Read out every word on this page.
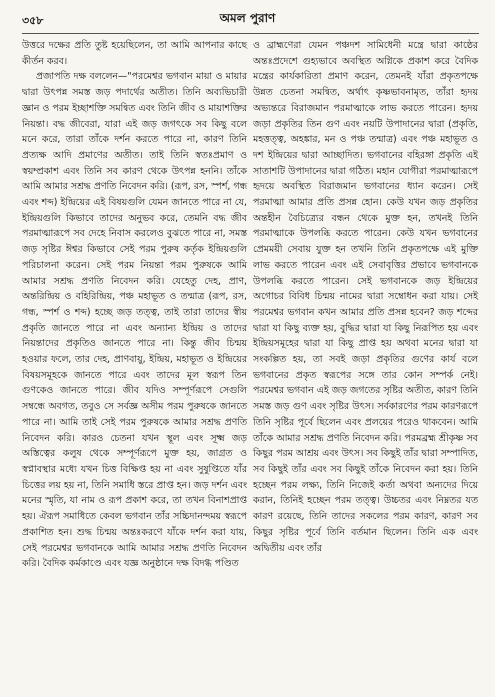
৩৫৮	অমল পুরাণ

উত্তরে দক্ষের প্রতি তুষ্ট হয়েছিলেন, তা আমি আপনার কাছে কীর্তন করব।

প্রজাপতি দক্ষ বললেন—"পরমেশ্বর ভগবান মায়া ও মায়ার দ্বারা উৎপন্ন সমস্ত জড় পদার্থের অতীত। তিনি অব্যভিচারী জ্ঞান ও পরম ইচ্ছাশক্তি সমন্বিত এবং তিনি জীব ও মায়াশক্তির নিয়ন্তা। বদ্ধ জীবেরা, যারা এই জড় জগৎকে সব কিছু বলে মনে করে, তারা তাঁকে দর্শন করতে পারে না, কারণ তিনি প্রত্যক্ষ আদি প্রমাণের অতীত। তাই তিনি স্বতঃপ্রমাণ ও স্বয়ম্প্রকাশ এবং তিনি সব কারণ থেকে উৎপন্ন হননি। তাঁকে আমি আমার সশ্রদ্ধ প্রণতি নিবেদন করি। (রূপ, রস, স্পর্শ, গন্ধ এবং শব্দ) ইন্দ্রিয়ের এই বিষয়গুলি যেমন জানতে পারে না যে, ইন্দ্রিয়গুলি কিভাবে তাদের অনুভব করে, তেমনি বদ্ধ জীব পরমাত্মারূপে সব দেহে নিবাস করলেও বুঝতে পারে না, সমস্ত জড় সৃষ্টির ঈশ্বর কিভাবে সেই পরম পুরুষ কর্তৃক ইন্দ্রিয়গুলি পরিচালনা করেন। সেই পরম নিয়ন্তা পরম পুরুষকে আমি আমার সশ্রদ্ধ প্রণতি নিবেদন করি। যেহেতু দেহ, প্রাণ, অন্তরিন্দ্রিয় ও বহিরিন্দ্রিয়, পঞ্চ মহাভূত ও তন্মাত্র (রূপ, রস, গন্ধ, স্পর্শ ও শব্দ) হচ্ছে জড় তত্ত্ব, তাই তারা তাদের স্বীয় প্রকৃতি জানতে পারে না এবং অন্যান্য ইন্দ্রিয় ও তাদের নিয়ন্তাদের প্রকৃতিও জানতে পারে না। কিন্তু জীব চিন্ময় হওয়ার ফলে, তার দেহ, প্রাণবায়ু, ইন্দ্রিয়, মহাভূত ও ইন্দ্রিয়ের বিষয়সমূহকে জানতে পারে এবং তাদের মূল স্বরূপ তিন গুণকেও জানতে পারে। জীব যদিও সম্পূর্ণরূপে সেগুলি সম্বন্ধে অবগত, তবুও সে সর্বজ্ঞ অসীম পরম পুরুষকে জানতে পারে না। আমি তাই সেই পরম পুরুষকে আমার সশ্রদ্ধ প্রণতি নিবেদন করি। কারও চেতনা যখন স্থূল এবং সূক্ষ্ম জড় অস্তিত্বের কলুষ থেকে সম্পূর্ণরূপে মুক্ত হয়, জাগ্রত ও স্বপ্নাবস্থার মধ্যে যখন চিত্ত বিক্ষিপ্ত হয় না এবং সুষুপ্তিতে যাঁর চিত্তের লয় হয় না, তিনি সমাধি স্তরে প্রাপ্ত হন। জড় দর্শন এবং মনের স্মৃতি, যা নাম ও রূপ প্রকাশ করে, তা তখন বিনাশপ্রাপ্ত হয়। ঐরূপ সমাধিতে কেবল ভগবান তাঁর সচ্চিদানন্দময় স্বরূপে প্রকাশিত হন। শুদ্ধ চিন্ময় অন্তঃকরণে যাঁকে দর্শন করা যায়, সেই পরমেশ্বর ভগবানকে আমি আমার সশ্রদ্ধ প্রণতি নিবেদন করি। বৈদিক কর্মকাণ্ডে এবং যজ্ঞ অনুষ্ঠানে দক্ষ বিদগ্ধ পণ্ডিত

ও ব্রাহ্মণেরা যেমন পঞ্চদশ সামিধেনী মন্ত্রে দ্বারা কাষ্ঠের অন্তঃপ্রদেশে গুহ্যভাবে অবস্থিত অগ্নিকে প্রকাশ করে বৈদিক মন্ত্রের কার্যকারিতা প্রমাণ করেন, তেমনই যাঁরা প্রকৃতপক্ষে উন্নত চেতনা সমন্বিত, অর্থাৎ কৃষ্ণভাবনামৃত, তাঁরা হৃদয় অভ্যন্তরে বিরাজমান পরমাত্মাকে লাভ করতে পারেন। হৃদয় জড়া প্রকৃতির তিন গুণ এবং নয়টি উপাদানের দ্বারা (প্রকৃতি, মহত্তত্ত্ব, অহঙ্কার, মন ও পঞ্চ তন্মাত্র) এবং পঞ্চ মহাভূত ও দশ ইন্দ্রিয়ের দ্বারা আচ্ছাদিত। ভগবানের বহিরঙ্গা প্রকৃতি এই সাতাশটি উপাদানের দ্বারা গঠিত। মহান যোগীরা পরমাত্মারূপে হৃদয়ে অবস্থিত বিরাজমান ভগবানের ধ্যান করেন। সেই পরমাত্মা আমার প্রতি প্রসন্ন হোন। কেউ যখন জড় প্রকৃতির অন্তহীন বৈচিত্র্যের বন্ধন থেকে মুক্ত হন, তখনই তিনি পরমাত্মাকে উপলব্ধি করতে পারেন। কেউ যখন ভগবানের প্রেমময়ী সেবায় যুক্ত হন তখনি তিনি প্রকৃতপক্ষে এই মুক্তি লাভ করতে পারেন এবং এই সেবাবৃত্তির প্রভাবে ভগবানকে উপলব্ধি করতে পারেন। সেই ভগবানকে জড় ইন্দ্রিয়ের অগোচর বিবিধ চিন্ময় নামের দ্বারা সম্বোধন করা যায়। সেই পরমেশ্বর ভগবান কখন আমার প্রতি প্রসন্ন হবেন? জড় শব্দের দ্বারা যা কিছু ব্যক্ত হয়, বুদ্ধির দ্বারা যা কিছু নিরূপিত হয় এবং ইন্দ্রিয়সমূহের দ্বারা যা কিছু প্রাপ্ত হয় অথবা মনের দ্বারা যা সংকল্পিত হয়, তা সবই জড়া প্রকৃতির গুণের কার্য বলে ভগবানের প্রকৃত স্বরূপের সঙ্গে তার কোন সম্পর্ক নেই। পরমেশ্বর ভগবান এই জড় জগতের সৃষ্টির অতীত, কারণ তিনি সমস্ত জড় গুণ এবং সৃষ্টির উৎস। সর্বকারণের পরম কারণরূপে তিনি সৃষ্টির পূর্বে ছিলেন এবং প্রলয়ের পরেও থাকবেন। আমি তাঁকে আমার সশ্রদ্ধ প্রণতি নিবেদন করি। পরমব্রহ্ম শ্রীকৃষ্ণ সব কিছুর পরম আশ্রয় এবং উৎস। সব কিছুই তাঁর দ্বারা সম্পাদিত, সব কিছুই তাঁর এবং সব কিছুই তাঁকে নিবেদন করা হয়। তিনি হচ্ছেন পরম লক্ষ্য, তিনি নিজেই কর্তা অথবা অন্যদের দিয়ে করান, তিনিই হচ্ছেন পরম তত্ত্ব। উচ্চতর এবং নিম্নতর যত কারণ রয়েছে, তিনি তাদের সকলের পরম কারণ, কারণ সব কিছুর সৃষ্টির পূর্বে তিনি বর্তমান ছিলেন। তিনি এক এবং অদ্বিতীয় এবং তাঁর
